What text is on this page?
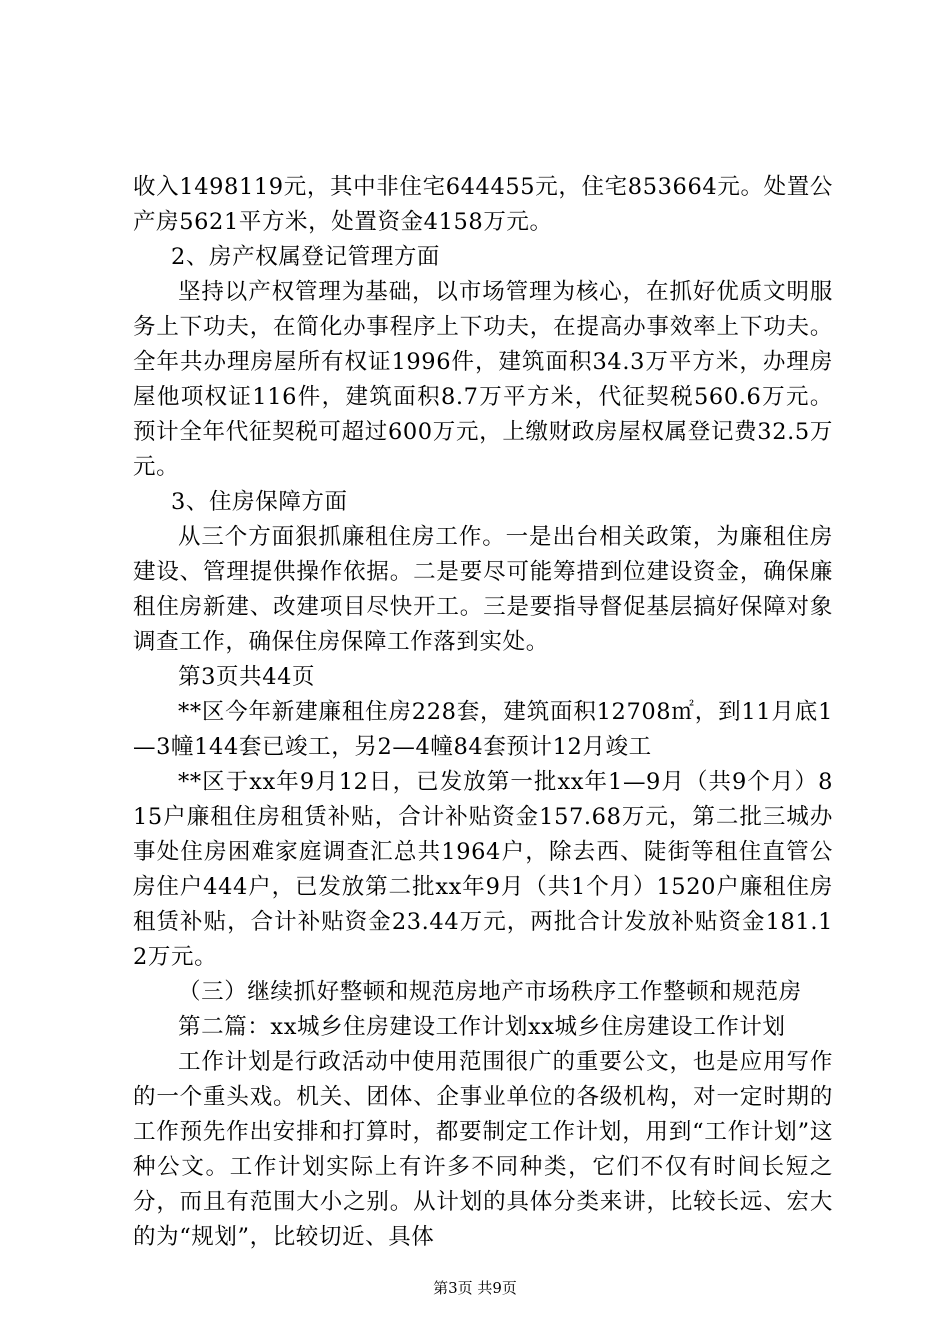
收入1498119元，其中非住宅644455元，住宅853664元。处置公产房5621平方米，处置资金4158万元。

2、房产权属登记管理方面

坚持以产权管理为基础，以市场管理为核心，在抓好优质文明服务上下功夫，在简化办事程序上下功夫，在提高办事效率上下功夫。全年共办理房屋所有权证1996件，建筑面积34.3万平方米，办理房屋他项权证116件，建筑面积8.7万平方米，代征契税560.6万元。预计全年代征契税可超过600万元，上缴财政房屋权属登记费32.5万元。

3、住房保障方面

从三个方面狠抓廉租住房工作。一是出台相关政策，为廉租住房建设、管理提供操作依据。二是要尽可能筹措到位建设资金，确保廉租住房新建、改建项目尽快开工。三是要指导督促基层搞好保障对象调查工作，确保住房保障工作落到实处。

第3页共44页

**区今年新建廉租住房228套，建筑面积12708㎡，到11月底1—3幢144套已竣工，另2—4幢84套预计12月竣工

**区于xx年9月12日，已发放第一批xx年1—9月（共9个月）815户廉租住房租赁补贴，合计补贴资金157.68万元，第二批三城办事处住房困难家庭调查汇总共1964户，除去西、陡街等租住直管公房住户444户，已发放第二批xx年9月（共1个月）1520户廉租住房租赁补贴，合计补贴资金23.44万元，两批合计发放补贴资金181.12万元。

（三）继续抓好整顿和规范房地产市场秩序工作整顿和规范房

第二篇：xx城乡住房建设工作计划xx城乡住房建设工作计划

工作计划是行政活动中使用范围很广的重要公文，也是应用写作的一个重头戏。机关、团体、企事业单位的各级机构，对一定时期的工作预先作出安排和打算时，都要制定工作计划，用到“工作计划”这种公文。工作计划实际上有许多不同种类，它们不仅有时间长短之分，而且有范围大小之别。从计划的具体分类来讲，比较长远、宏大的为“规划”，比较切近、具体

第3页 共9页
